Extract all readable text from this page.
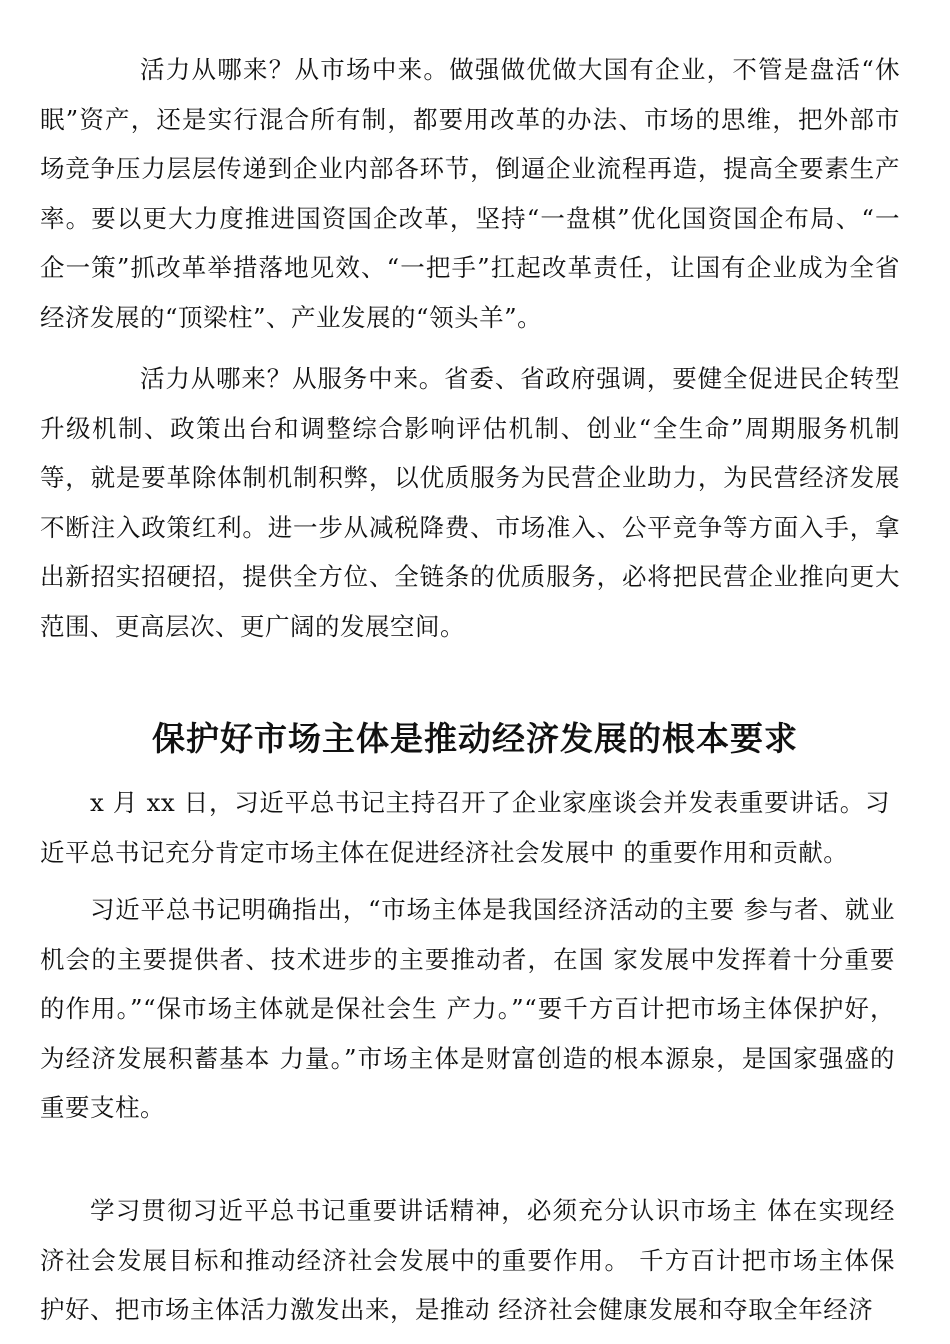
活力从哪来？从市场中来。做强做优做大国有企业，不管是盘活“休眠”资产，还是实行混合所有制，都要用改革的办法、市场的思维，把外部市场竞争压力层层传递到企业内部各环节，倒逼企业流程再造，提高全要素生产率。要以更大力度推进国资国企改革，坚持“一盘棋”优化国资国企布局、“一企一策”抓改革举措落地见效、“一把手”扛起改革责任，让国有企业成为全省经济发展的“顶梁柱”、产业发展的“领头羊”。

活力从哪来？从服务中来。省委、省政府强调，要健全促进民企转型升级机制、政策出台和调整综合影响评估机制、创业“全生命”周期服务机制等，就是要革除体制机制积弊，以优质服务为民营企业助力，为民营经济发展不断注入政策红利。进一步从减税降费、市场准入、公平竞争等方面入手，拿出新招实招硬招，提供全方位、全链条的优质服务，必将把民营企业推向更大范围、更高层次、更广阔的发展空间。

保护好市场主体是推动经济发展的根本要求

x 月 xx 日，习近平总书记主持召开了企业家座谈会并发表重要讲话。习近平总书记充分肯定市场主体在促进经济社会发展中 的重要作用和贡献。

习近平总书记明确指出，“市场主体是我国经济活动的主要 参与者、就业机会的主要提供者、技术进步的主要推动者，在国 家发展中发挥着十分重要的作用。”“保市场主体就是保社会生 产力。”“要千方百计把市场主体保护好，为经济发展积蓄基本 力量。”市场主体是财富创造的根本源泉，是国家强盛的重要支柱。

学习贯彻习近平总书记重要讲话精神，必须充分认识市场主 体在实现经济社会发展目标和推动经济社会发展中的重要作用。 千方百计把市场主体保护好、把市场主体活力激发出来，是推动 经济社会健康发展和夺取全年经济
